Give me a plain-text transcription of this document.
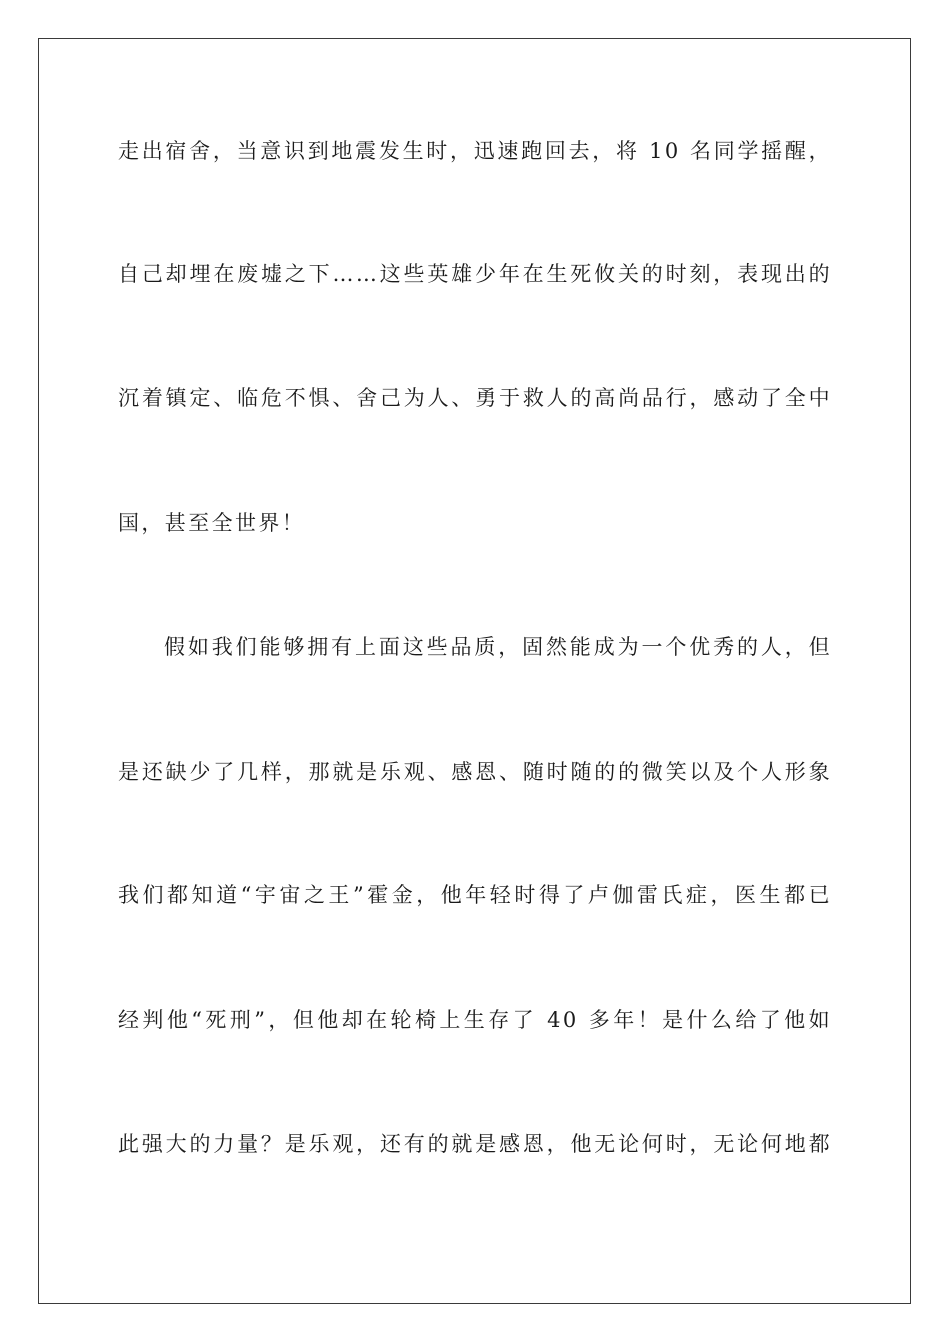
走出宿舍，当意识到地震发生时，迅速跑回去，将 10 名同学摇醒，
自己却埋在废墟之下……这些英雄少年在生死攸关的时刻，表现出的
沉着镇定、临危不惧、舍己为人、勇于救人的高尚品行，感动了全中
国，甚至全世界！
假如我们能够拥有上面这些品质，固然能成为一个优秀的人，但
是还缺少了几样，那就是乐观、感恩、随时随的的微笑以及个人形象
我们都知道“宇宙之王”霍金，他年轻时得了卢伽雷氏症，医生都已
经判他“死刑”，但他却在轮椅上生存了 40 多年！是什么给了他如
此强大的力量？是乐观，还有的就是感恩，他无论何时，无论何地都
